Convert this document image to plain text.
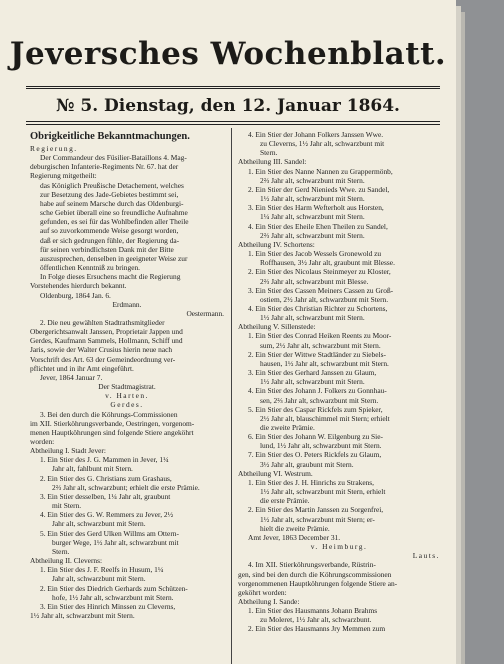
Jeversches Wochenblatt.
№ 5. Dienstag, den 12. Januar 1864.
Obrigkeitliche Bekanntmachungen.
Regierung.
Der Commandeur des Füsilier-Bataillons 4. Mag-
deburgischen Infanterie-Regiments Nr. 67. hat der
Regierung mitgetheilt:
das Königlich Preußische Detachement, welches
zur Besetzung des Jade-Gebietes bestimmt sei,
habe auf seinem Marsche durch das Oldenburgi-
sche Gebiet überall eine so freundliche Aufnahme
gefunden, es sei für das Wohlbefinden aller Theile
auf so zuvorkommende Weise gesorgt worden,
daß er sich gedrungen fühle, der Regierung da-
für seinen verbindlichsten Dank mit der Bitte
auszusprechen, denselben in geeigneter Weise zur
öffentlichen Kenntniß zu bringen.
In Folge dieses Ersuchens macht die Regierung
Vorstehendes hierdurch bekannt.
Oldenburg, 1864 Jan. 6.
Erdmann.
Oestermann.
2. Die neu gewählten Stadtrathsmitglieder
Obergerichtsanwalt Janssen, Proprietair Jappen und
Gerdes, Kaufmann Sammels, Hollmann, Schiff und
Jaris, sowie der Walter Crusius hierin neue nach
Vorschrift des Art. 63 der Gemeindeordnung ver-
pflichtet und in ihr Amt eingeführt.
Jever, 1864 Januar 7.
Der Stadtmagistrat.
v. Harten.
Gerdes.
3. Bei den durch die Köhrungs-Commissionen
im XII. Stierköhrungsverbande, Oestringen, vorgenom-
menen Hauptköhrungen sind folgende Stiere angeköhrt
worden:
Abtheilung I. Stadt Jever:
1. Ein Stier des J. G. Mammen in Jever, 1¼
Jahr alt, fahlbunt mit Stern.
2. Ein Stier des G. Christians zum Grashaus,
2⅔ Jahr alt, schwarzbunt; erhielt die erste Prämie.
3. Ein Stier desselben, 1¼ Jahr alt, graubunt
mit Stern.
4. Ein Stier des G. W. Remmers zu Jever, 2½
Jahr alt, schwarzbunt mit Stern.
5. Ein Stier des Gerd Ulken Willms am Ottern-
burger Wege, 1½ Jahr alt, schwarzbunt mit
Stern.
Abtheilung II. Cleverns:
1. Ein Stier des J. F. Reelfs in Husum, 1¼
Jahr alt, schwarzbunt mit Stern.
2. Ein Stier des Diedrich Gerhards zum Schützen-
hofe, 1½ Jahr alt, schwarzbunt mit Stern.
3. Ein Stier des Hinrich Minssen zu Cleverns,
1½ Jahr alt, schwarzbunt mit Stern.
4. Ein Stier der Johann Folkers Janssen Wwe.
zu Cleverns, 1½ Jahr alt, schwarzbunt mit
Stern.
Abtheilung III. Sandel:
1. Ein Stier des Nanne Nannen zu Grappermönb,
2⅔ Jahr alt, schwarzbunt mit Stern.
2. Ein Stier der Gerd Nienieds Wwe. zu Sandel,
1½ Jahr alt, schwarzbunt mit Stern.
3. Ein Stier des Harm Wefterholt aus Horsten,
1¼ Jahr alt, schwarzbunt mit Stern.
4. Ein Stier des Eheile Ehen Theilen zu Sandel,
2⅔ Jahr alt, schwarzbunt mit Stern.
Abtheilung IV. Schortens:
1. Ein Stier des Jacob Wessels Gronewold zu
Roffhausen, 3½ Jahr alt, graubunt mit Blesse.
2. Ein Stier des Nicolaus Steinmeyer zu Kloster,
2⅔ Jahr alt, schwarzbunt mit Blesse.
3. Ein Stier des Cassen Meiners Cassen zu Groß-
ostiem, 2½ Jahr alt, schwarzbunt mit Stern.
4. Ein Stier des Christian Richter zu Schortens,
1½ Jahr alt, schwarzbunt mit Stern.
Abtheilung V. Sillenstede:
1. Ein Stier des Conrad Heiken Reents zu Moor-
sum, 2½ Jahr alt, schwarzbunt mit Stern.
2. Ein Stier der Wittwe Stadtländer zu Siebels-
hausen, 1½ Jahr alt, schwarzbunt mit Stern.
3. Ein Stier des Gerhard Janssen zu Glaum,
1½ Jahr alt, schwarzbunt mit Stern.
4. Ein Stier des Johann J. Folkers zu Gonnhau-
sen, 2⅔ Jahr alt, schwarzbunt mit Stern.
5. Ein Stier des Caspar Rickfels zum Spieker,
2½ Jahr alt, blauschimmel mit Stern; erhielt
die zweite Prämie.
6. Ein Stier des Johann W. Eilgenburg zu Sie-
lund, 1½ Jahr alt, schwarzbunt mit Stern.
7. Ein Stier des O. Peters Rickfels zu Glaum,
3½ Jahr alt, graubunt mit Stern.
Abtheilung VI. Westrum.
1. Ein Stier des J. H. Hinrichs zu Strakens,
1½ Jahr alt, schwarzbunt mit Stern, erhielt
die erste Prämie.
2. Ein Stier des Martin Janssen zu Sorgenfrei,
1½ Jahr alt, schwarzbunt mit Stern; er-
hielt die zweite Prämie.
Amt Jever, 1863 December 31.
v. Heimburg.
Lauts.
4. Im XII. Stierköhrungsverbande, Rüstrin-
gen, sind bei den durch die Köhrungscommissionen
vorgenommenen Hauptköhrungen folgende Stiere an-
geköhrt worden:
Abtheilung I. Sande:
1. Ein Stier des Hausmanns Johann Brahms
zu Moleret, 1½ Jahr alt, schwarzbunt.
2. Ein Stier des Hausmanns Jry Memmen zum
